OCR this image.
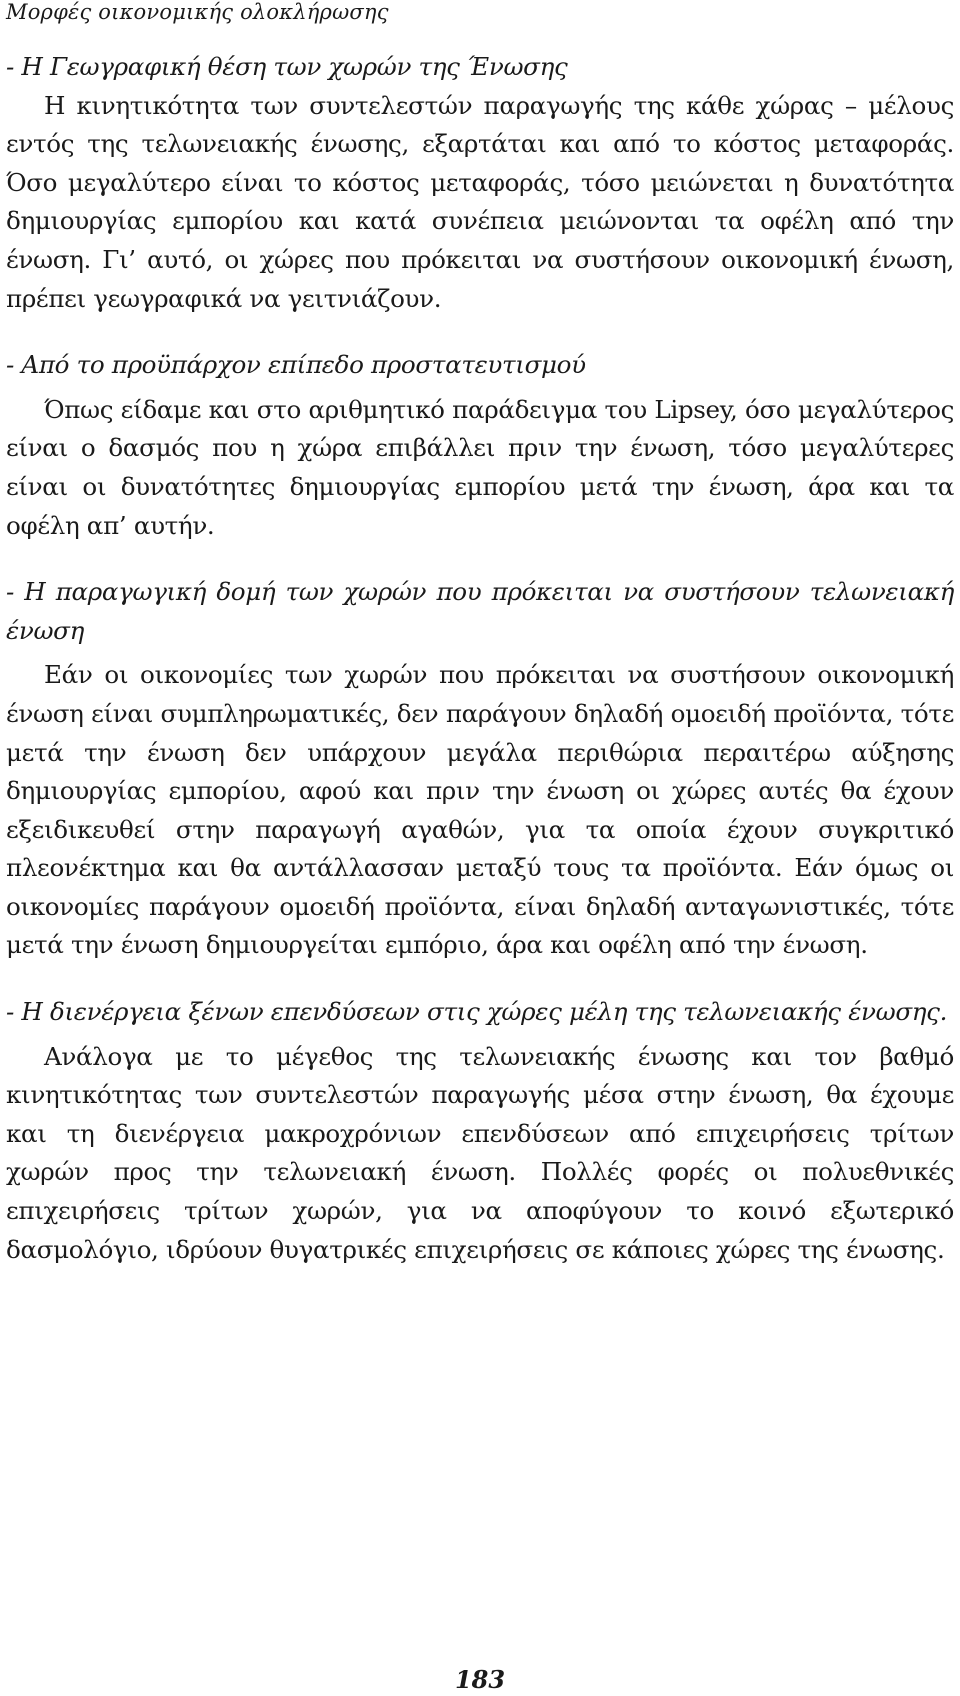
Μορφές οικονομικής ολοκλήρωσης

- Η Γεωγραφική θέση των χωρών της Ένωσης

Η κινητικότητα των συντελεστών παραγωγής της κάθε χώρας – μέλους εντός της τελωνειακής ένωσης, εξαρτάται και από το κόστος μεταφοράς. Όσο μεγαλύτερο είναι το κόστος μεταφοράς, τόσο μειώνεται η δυνατότητα δημιουργίας εμπορίου και κατά συνέπεια μειώνονται τα οφέλη από την ένωση. Γι’ αυτό, οι χώρες που πρόκειται να συστήσουν οικονομική ένωση, πρέπει γεωγραφικά να γειτνιάζουν.

- Από το προϋπάρχον επίπεδο προστατευτισμού

Όπως είδαμε και στο αριθμητικό παράδειγμα του Lipsey, όσο μεγαλύτερος είναι ο δασμός που η χώρα επιβάλλει πριν την ένωση, τόσο μεγαλύτερες είναι οι δυνατότητες δημιουργίας εμπορίου μετά την ένωση, άρα και τα οφέλη απ’ αυτήν.

- Η παραγωγική δομή των χωρών που πρόκειται να συστήσουν τελωνειακή ένωση

Εάν οι οικονομίες των χωρών που πρόκειται να συστήσουν οικονομική ένωση είναι συμπληρωματικές, δεν παράγουν δηλαδή ομοειδή προϊόντα, τότε μετά την ένωση δεν υπάρχουν μεγάλα περιθώρια περαιτέρω αύξησης δημιουργίας εμπορίου, αφού και πριν την ένωση οι χώρες αυτές θα έχουν εξειδικευθεί στην παραγωγή αγαθών, για τα οποία έχουν συγκριτικό πλεονέκτημα και θα αντάλλασσαν μεταξύ τους τα προϊόντα. Εάν όμως οι οικονομίες παράγουν ομοειδή προϊόντα, είναι δηλαδή ανταγωνιστικές, τότε μετά την ένωση δημιουργείται εμπόριο, άρα και οφέλη από την ένωση.

- Η διενέργεια ξένων επενδύσεων στις χώρες μέλη της τελωνειακής ένωσης.

Ανάλογα με το μέγεθος της τελωνειακής ένωσης και τον βαθμό κινητικότητας των συντελεστών παραγωγής μέσα στην ένωση, θα έχουμε και τη διενέργεια μακροχρόνιων επενδύσεων από επιχειρήσεις τρίτων χωρών προς την τελωνειακή ένωση. Πολλές φορές οι πολυεθνικές επιχειρήσεις τρίτων χωρών, για να αποφύγουν το κοινό εξωτερικό δασμολόγιο, ιδρύουν θυγατρικές επιχειρήσεις σε κάποιες χώρες της ένωσης.

183
